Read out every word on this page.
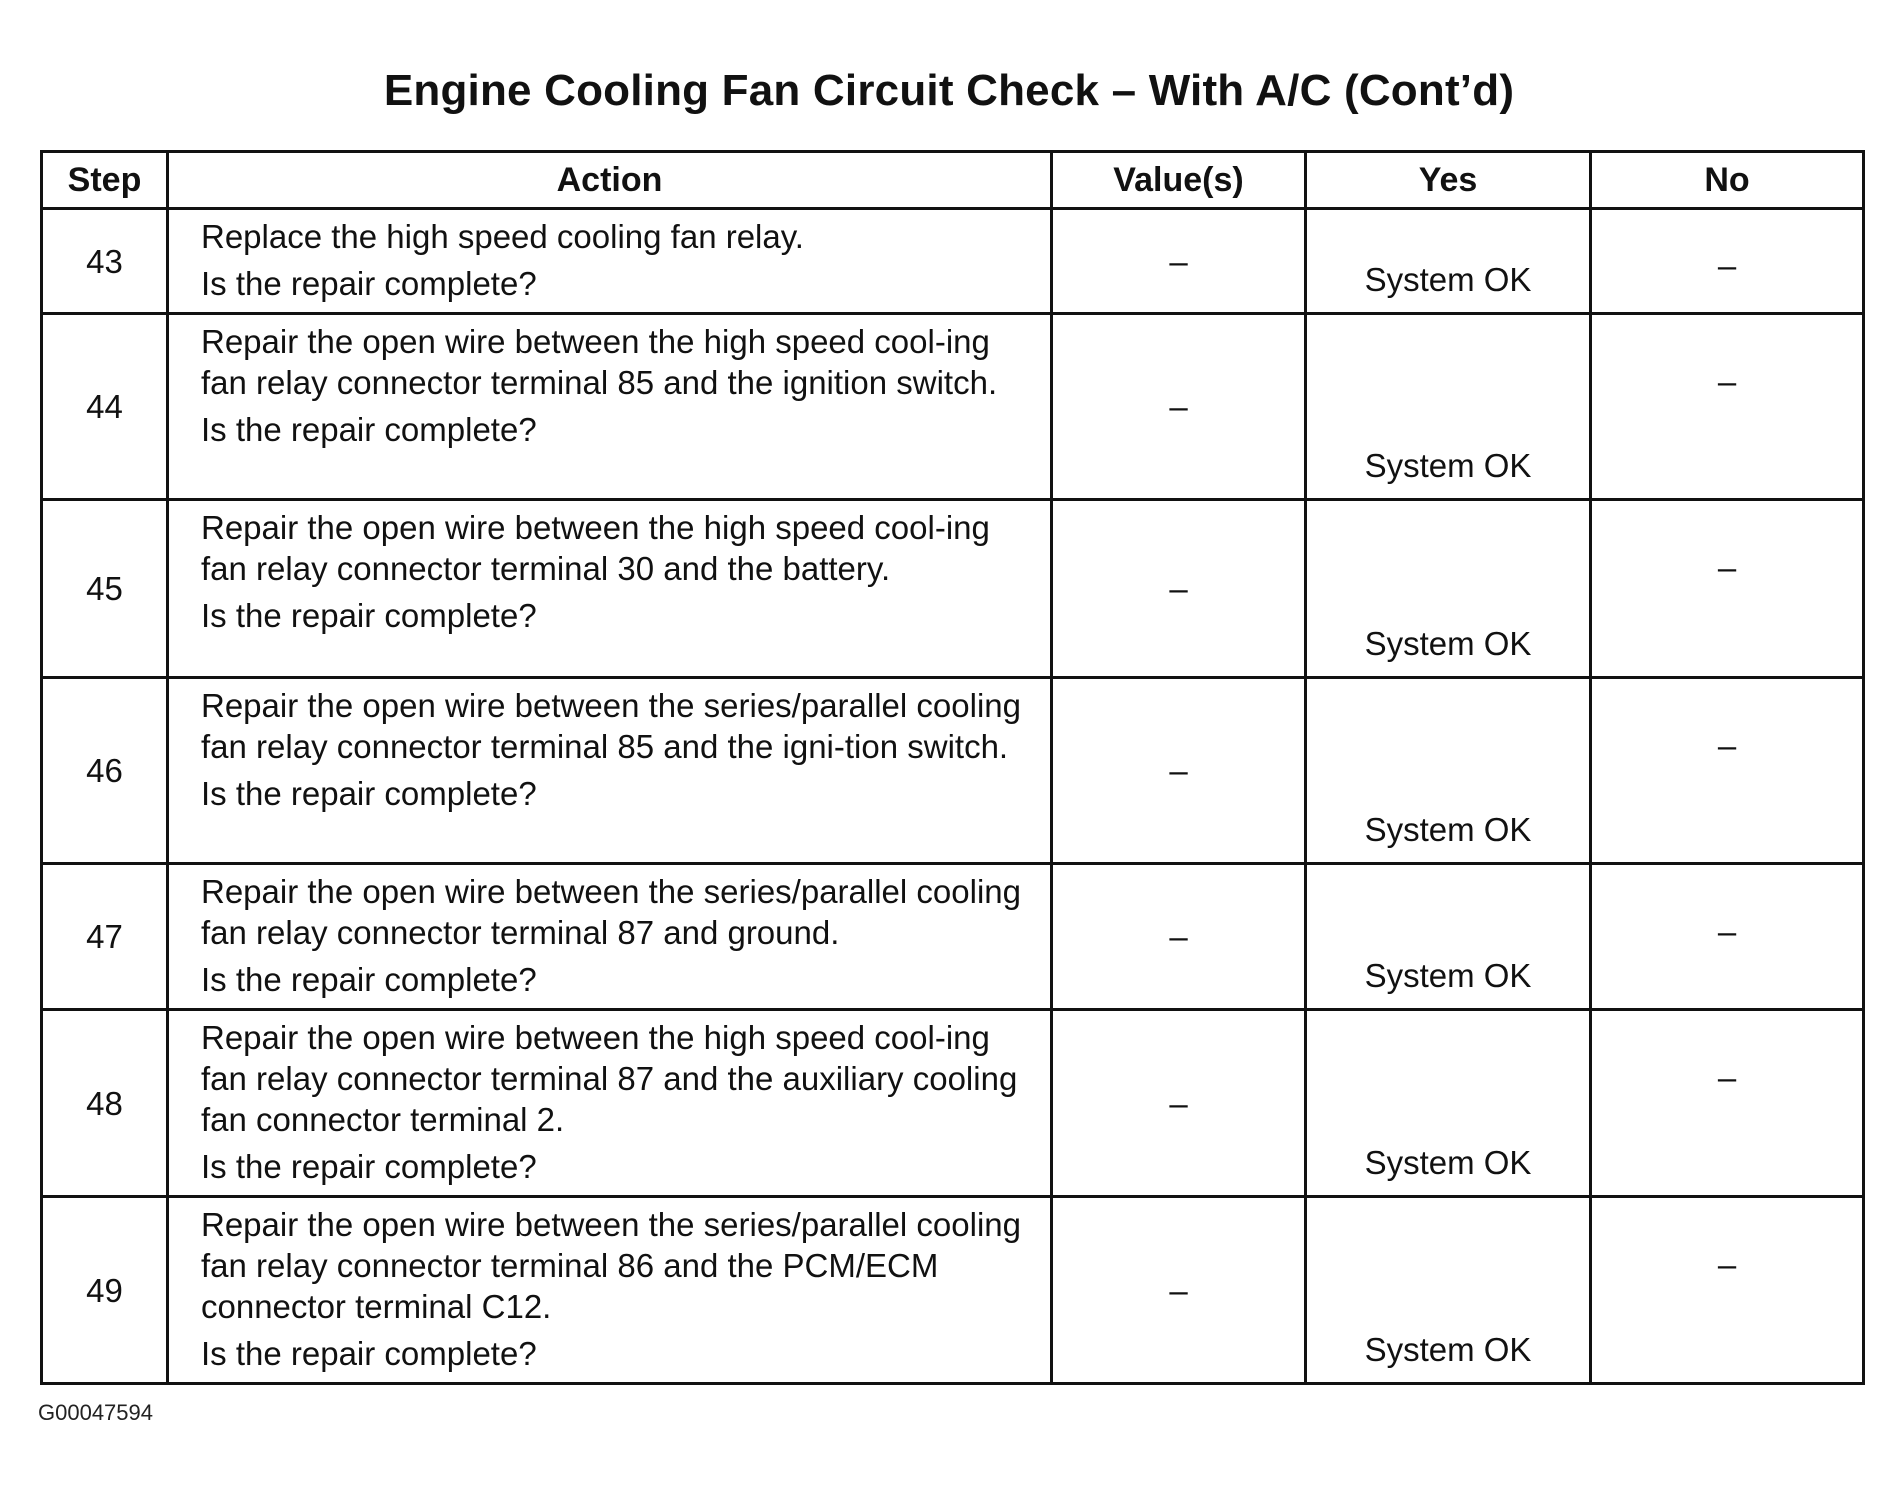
Engine Cooling Fan Circuit Check – With A/C (Cont’d)
Step	Action	Value(s)	Yes	No
43	Replace the high speed cooling fan relay.
Is the repair complete?	–	System OK	–
44	Repair the open wire between the high speed cool-ing fan relay connector terminal 85 and the ignition switch.
Is the repair complete?	–	System OK	–
45	Repair the open wire between the high speed cool-ing fan relay connector terminal 30 and the battery.
Is the repair complete?	–	System OK	–
46	Repair the open wire between the series/parallel cooling fan relay connector terminal 85 and the igni-tion switch.
Is the repair complete?	–	System OK	–
47	Repair the open wire between the series/parallel cooling fan relay connector terminal 87 and ground.
Is the repair complete?	–	System OK	–
48	Repair the open wire between the high speed cool-ing fan relay connector terminal 87 and the auxiliary cooling fan connector terminal 2.
Is the repair complete?	–	System OK	–
49	Repair the open wire between the series/parallel cooling fan relay connector terminal 86 and the PCM/ECM connector terminal C12.
Is the repair complete?	–	System OK	–
G00047594
